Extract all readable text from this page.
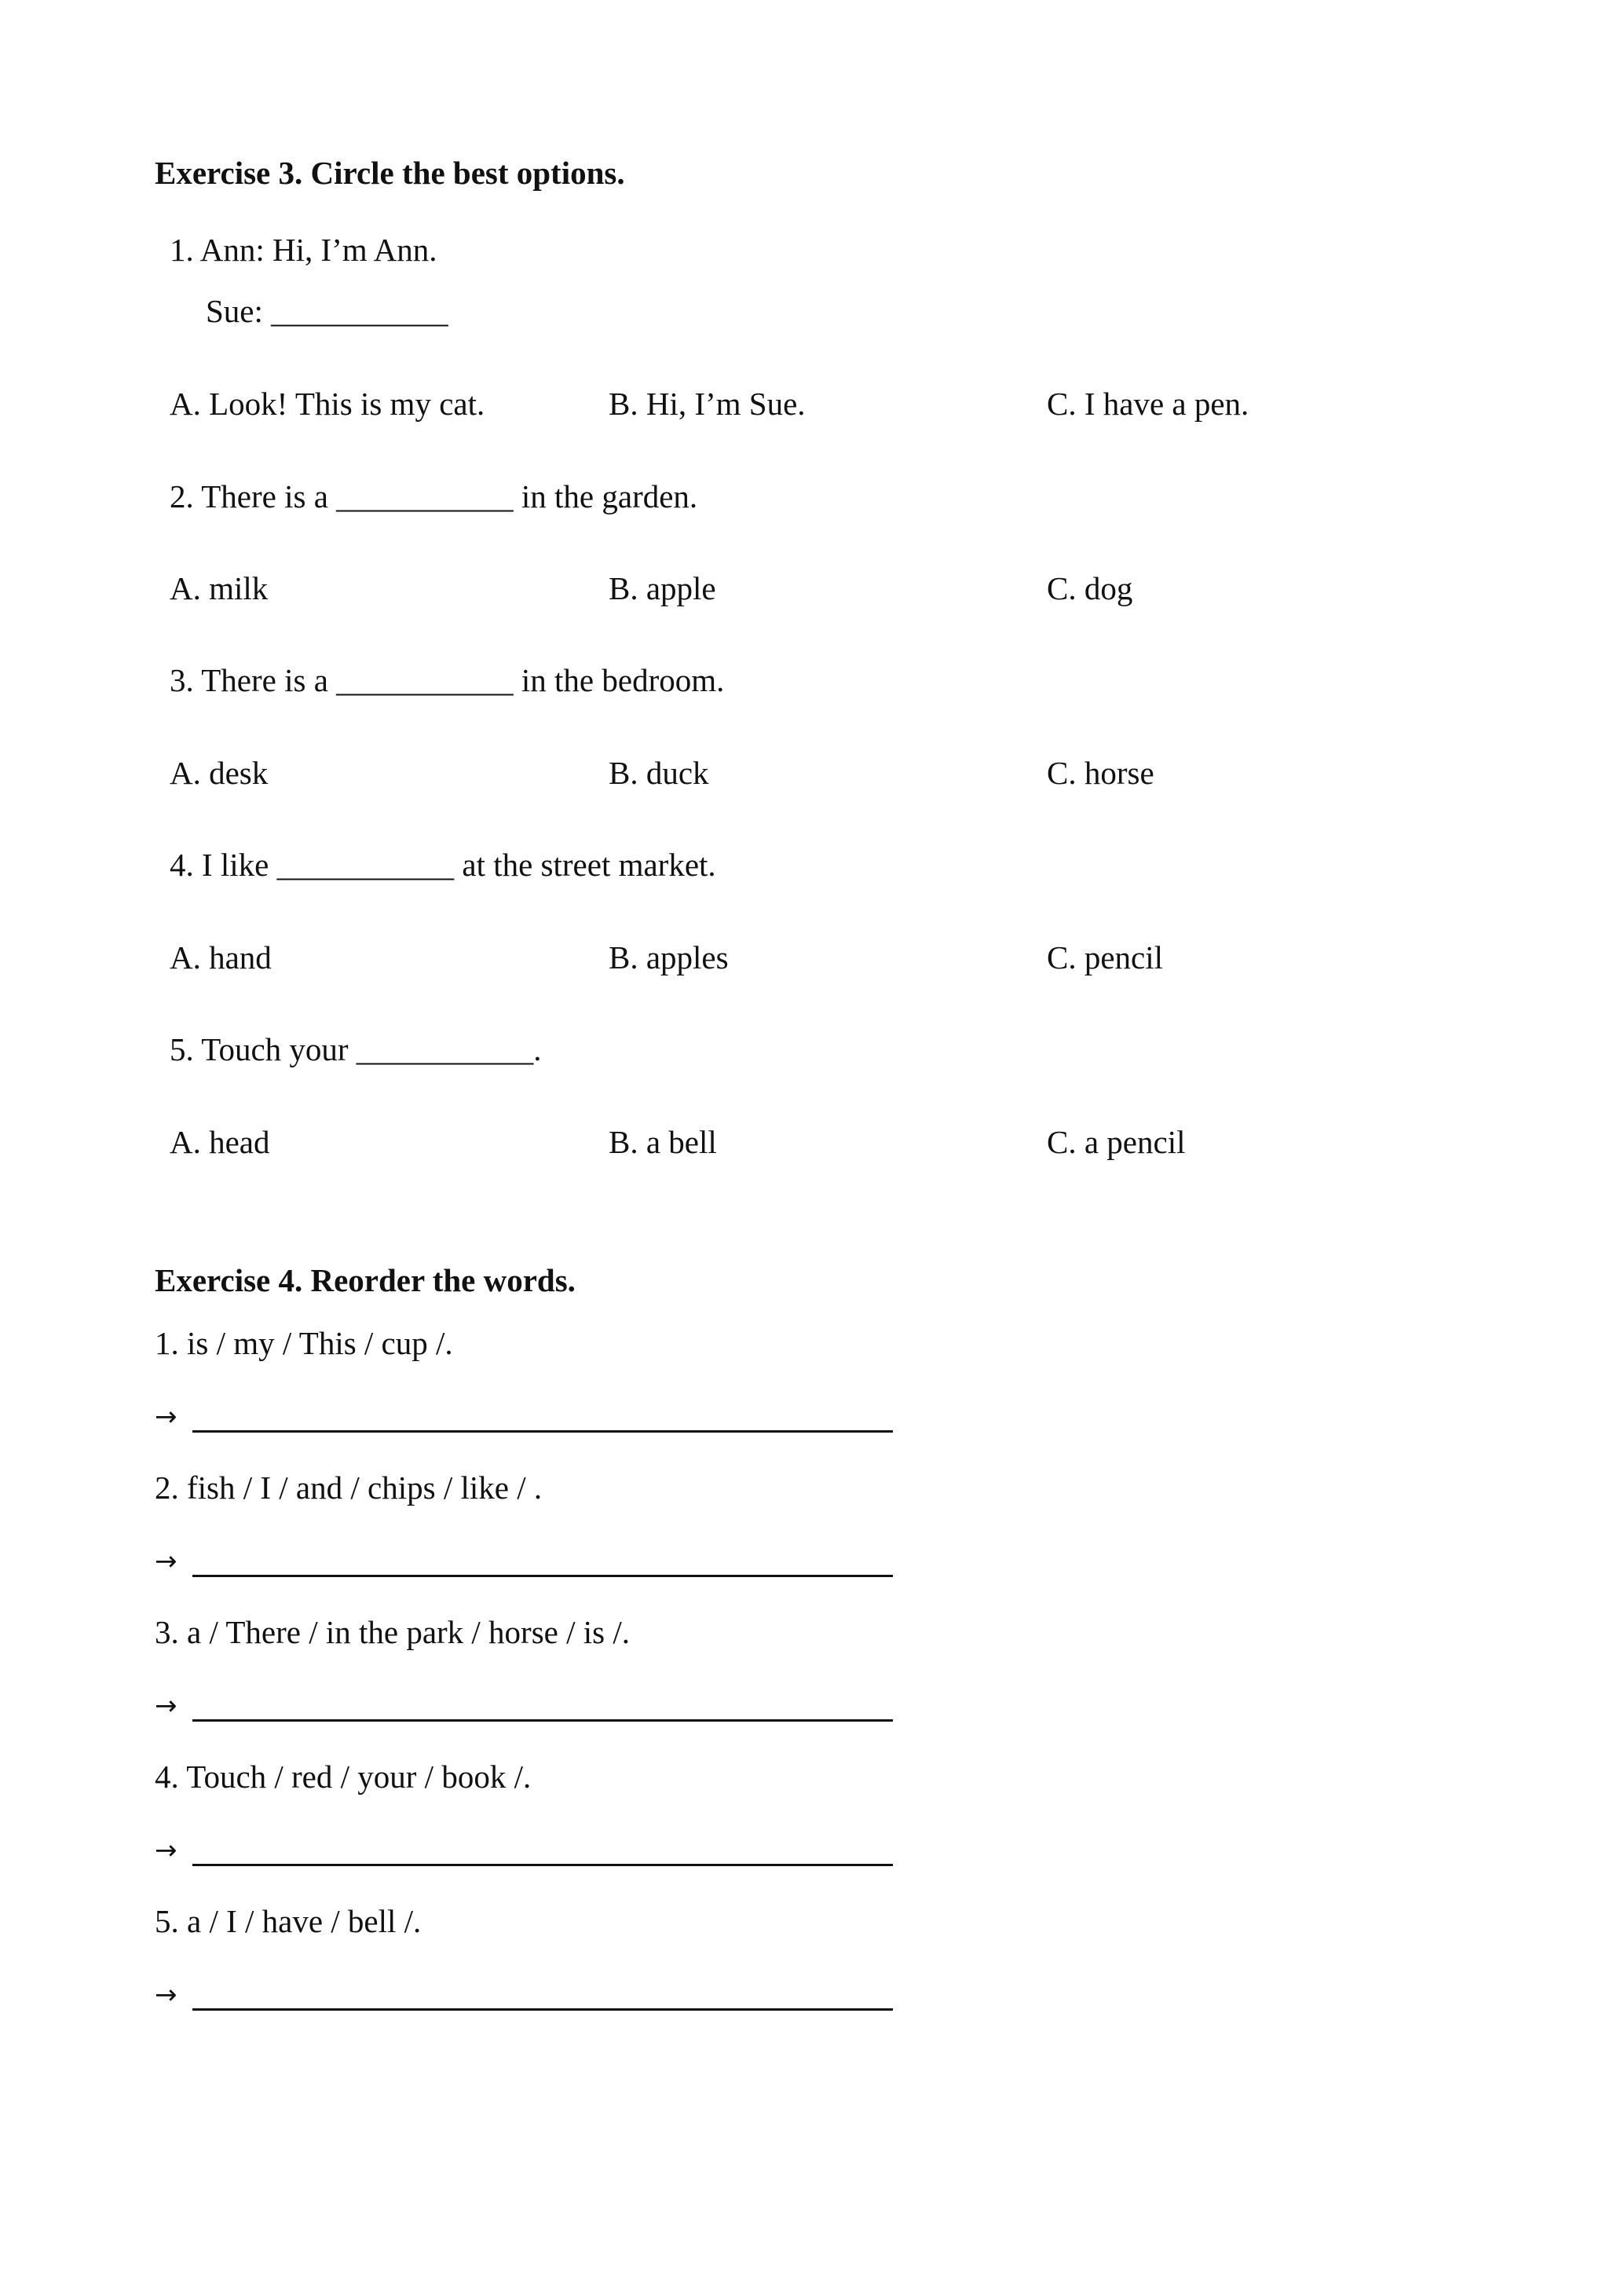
Exercise 3. Circle the best options.
1. Ann: Hi, I’m Ann.
Sue: ___________
A. Look! This is my cat.	B. Hi, I’m Sue.	C. I have a pen.
2. There is a ___________ in the garden.
A. milk	B. apple	C. dog
3. There is a ___________ in the bedroom.
A. desk	B. duck	C. horse
4. I like ___________ at the street market.
A. hand	B. apples	C. pencil
5. Touch your ___________.
A. head	B. a bell	C. a pencil
Exercise 4. Reorder the words.
1. is / my / This / cup /.
→
2. fish / I / and / chips / like / .
→
3. a / There / in the park / horse / is /.
→
4. Touch / red / your / book /.
→
5. a / I / have / bell /.
→
